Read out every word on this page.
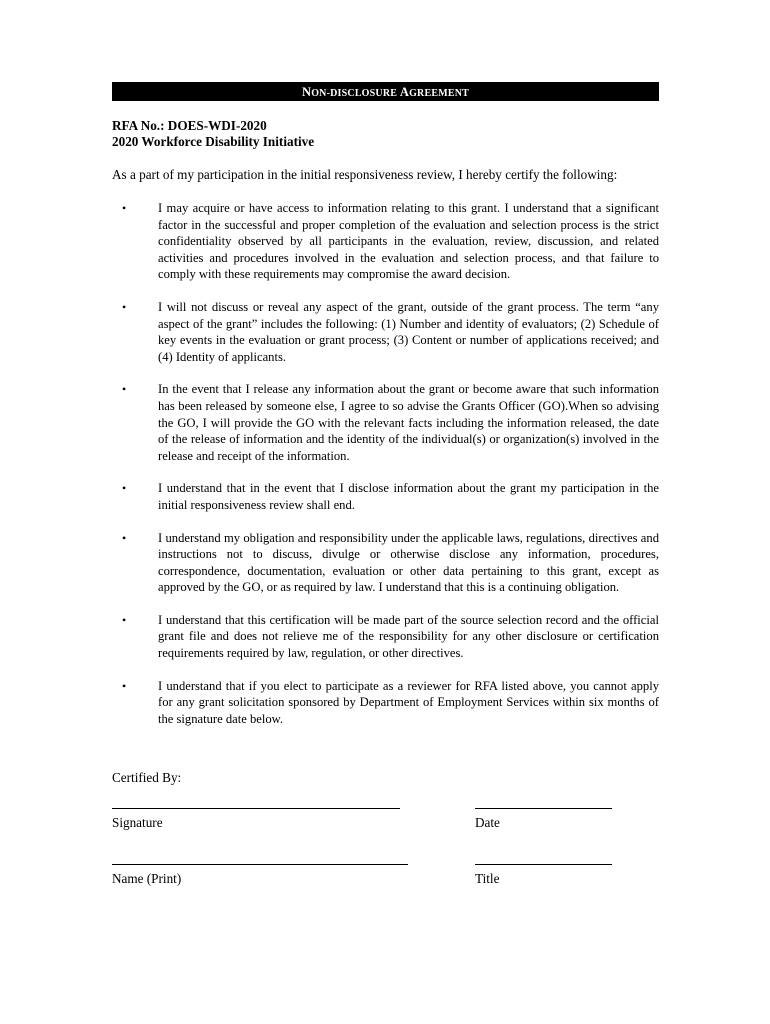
NON-DISCLOSURE AGREEMENT
RFA No.: DOES-WDI-2020
2020 Workforce Disability Initiative
As a part of my participation in the initial responsiveness review, I hereby certify the following:
•	I may acquire or have access to information relating to this grant. I understand that a significant factor in the successful and proper completion of the evaluation and selection process is the strict confidentiality observed by all participants in the evaluation, review, discussion, and related activities and procedures involved in the evaluation and selection process, and that failure to comply with these requirements may compromise the award decision.
•	I will not discuss or reveal any aspect of the grant, outside of the grant process. The term “any aspect of the grant” includes the following: (1) Number and identity of evaluators; (2) Schedule of key events in the evaluation or grant process; (3) Content or number of applications received; and (4) Identity of applicants.
•	In the event that I release any information about the grant or become aware that such information has been released by someone else, I agree to so advise the Grants Officer (GO).When so advising the GO, I will provide the GO with the relevant facts including the information released, the date of the release of information and the identity of the individual(s) or organization(s) involved in the release and receipt of the information.
•	I understand that in the event that I disclose information about the grant my participation in the initial responsiveness review shall end.
•	I understand my obligation and responsibility under the applicable laws, regulations, directives and instructions not to discuss, divulge or otherwise disclose any information, procedures, correspondence, documentation, evaluation or other data pertaining to this grant, except as approved by the GO, or as required by law. I understand that this is a continuing obligation.
•	I understand that this certification will be made part of the source selection record and the official grant file and does not relieve me of the responsibility for any other disclosure or certification requirements required by law, regulation, or other directives.
•	I understand that if you elect to participate as a reviewer for RFA listed above, you cannot apply for any grant solicitation sponsored by Department of Employment Services within six months of the signature date below.
Certified By:
Signature	Date
Name (Print)	Title
